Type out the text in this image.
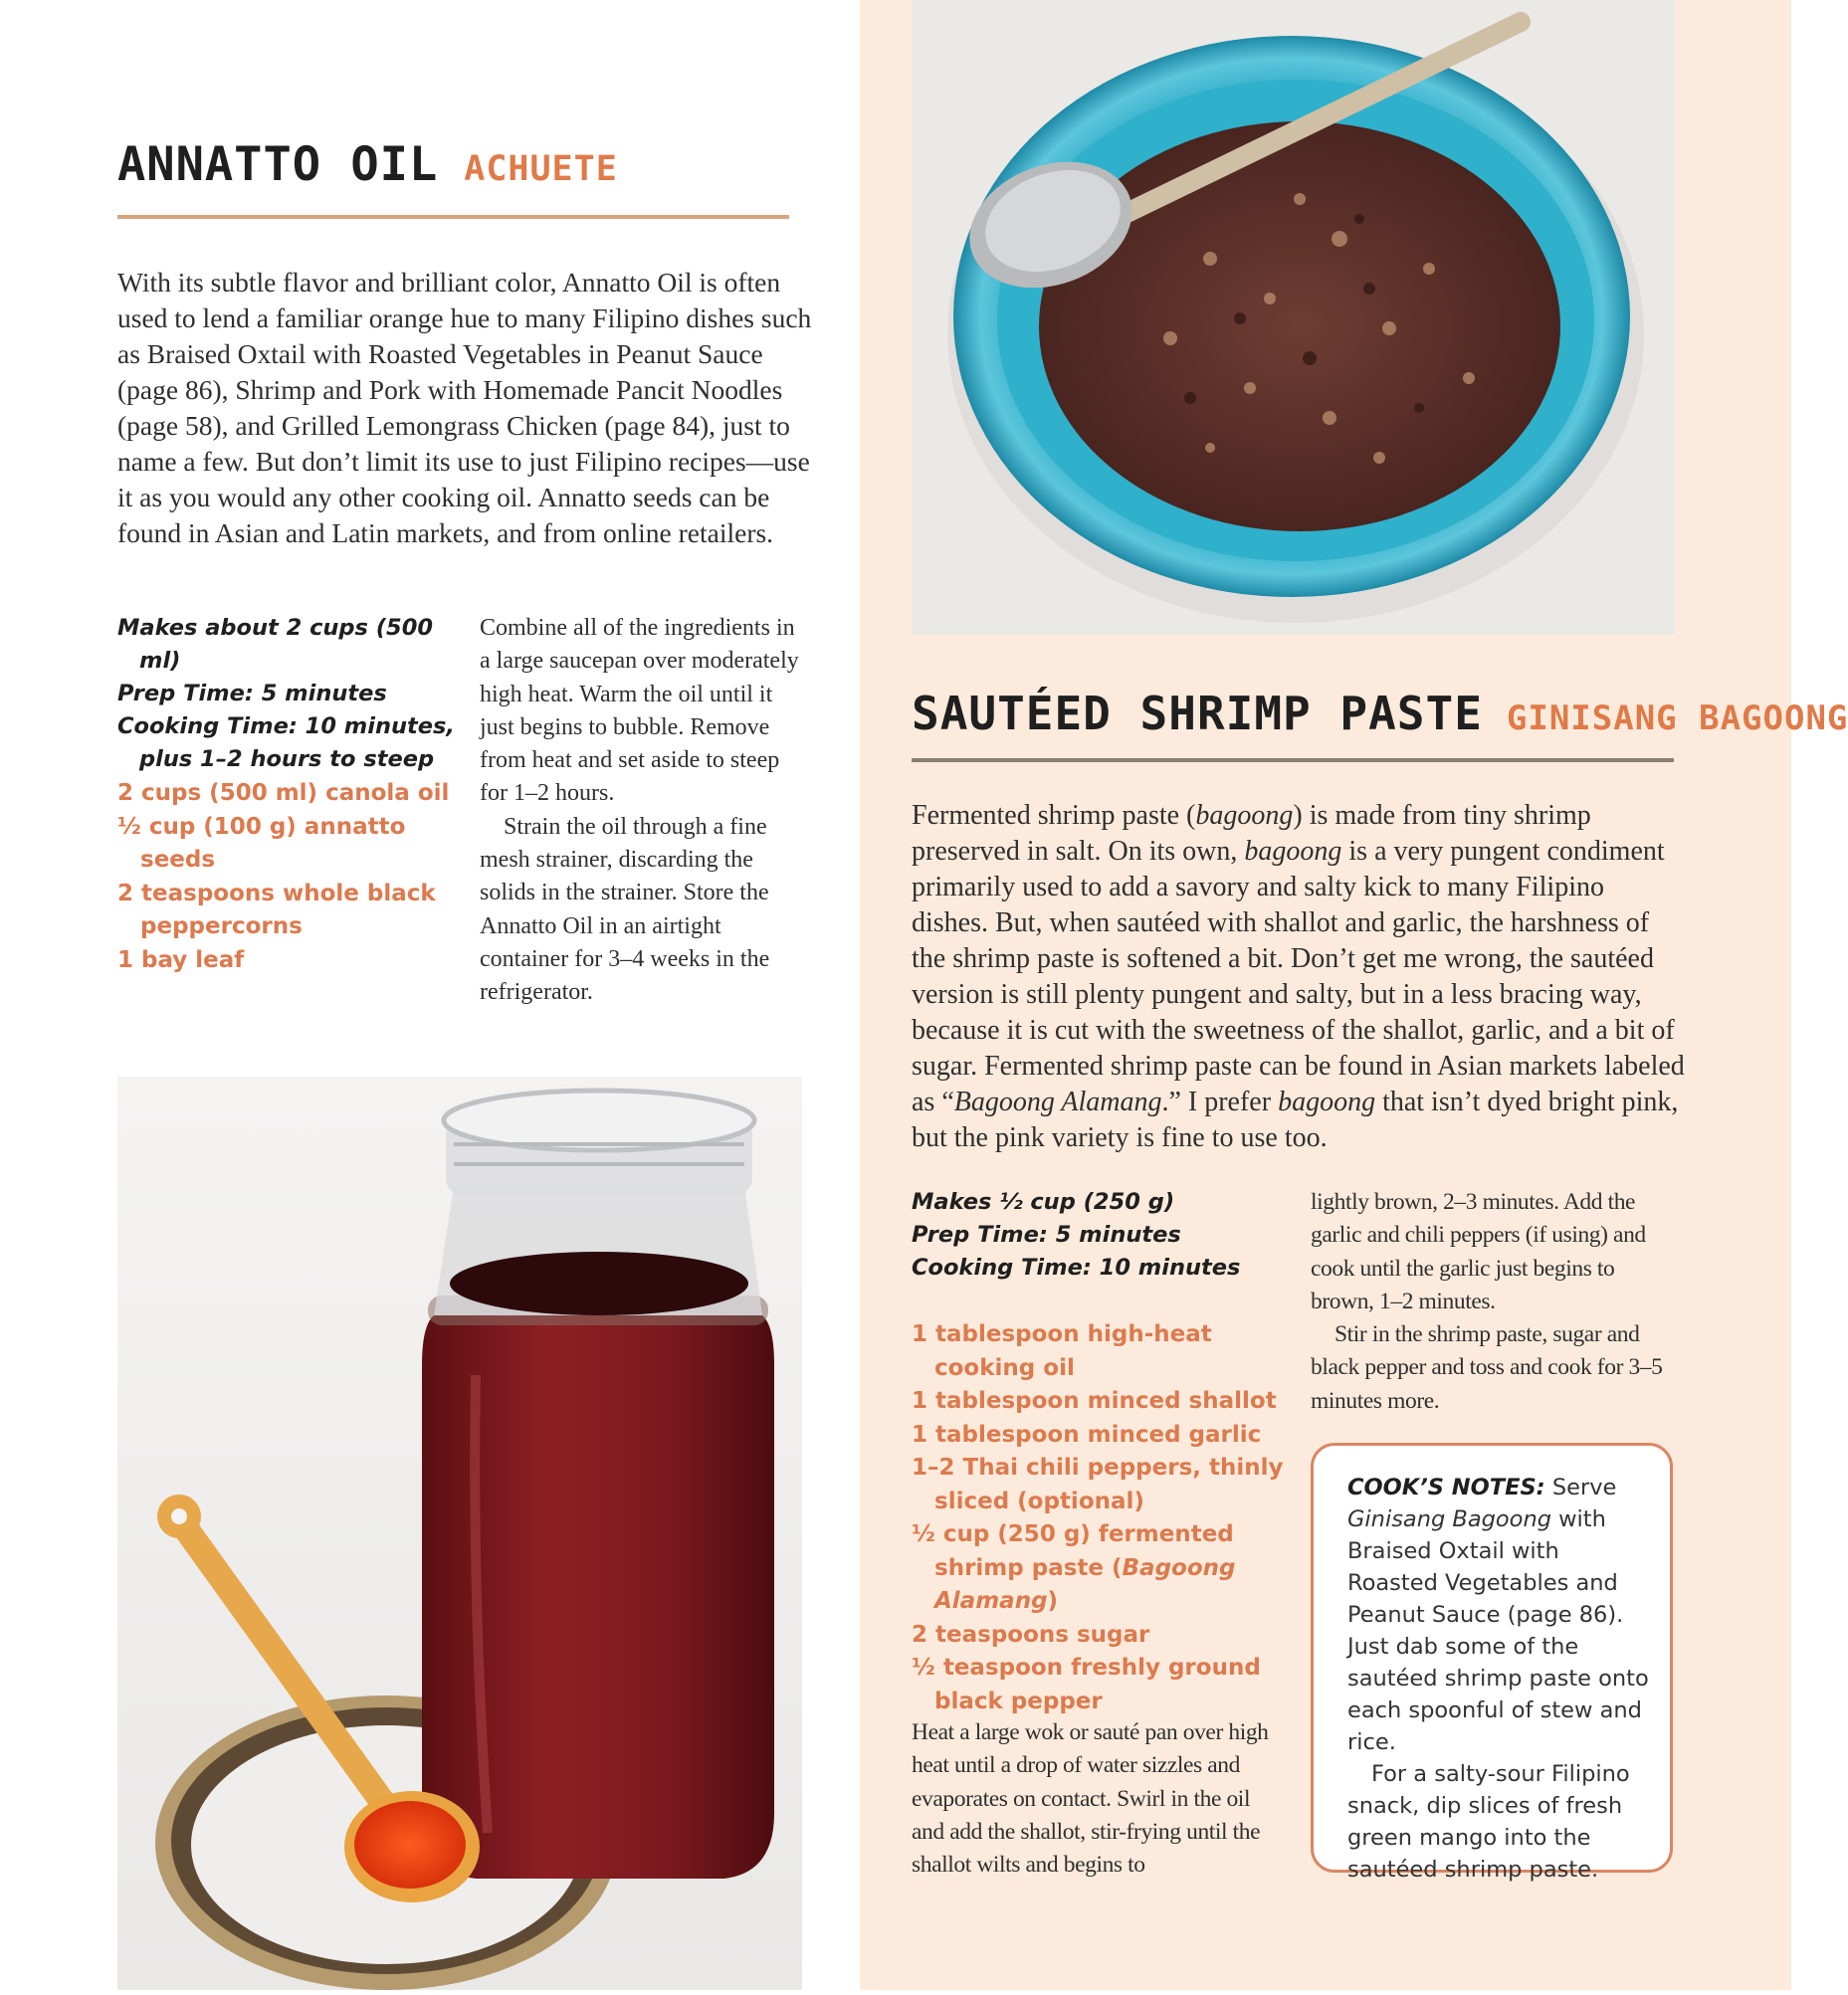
ANNATTO OIL ACHUETE

With its subtle flavor and brilliant color, Annatto Oil is often used to lend a familiar orange hue to many Filipino dishes such as Braised Oxtail with Roasted Vegetables in Peanut Sauce (page 86), Shrimp and Pork with Homemade Pancit Noodles (page 58), and Grilled Lemongrass Chicken (page 84), just to name a few. But don’t limit its use to just Filipino recipes—use it as you would any other cooking oil. Annatto seeds can be found in Asian and Latin markets, and from online retailers.

Makes about 2 cups (500 ml)
Prep Time: 5 minutes
Cooking Time: 10 minutes, plus 1–2 hours to steep
2 cups (500 ml) canola oil
½ cup (100 g) annatto seeds
2 teaspoons whole black peppercorns
1 bay leaf

Combine all of the ingredients in a large saucepan over moderately high heat. Warm the oil until it just begins to bubble. Remove from heat and set aside to steep for 1–2 hours.

Strain the oil through a fine mesh strainer, discarding the solids in the strainer. Store the Annatto Oil in an airtight container for 3–4 weeks in the refrigerator.

SAUTÉED SHRIMP PASTE GINISANG BAGOONG

Fermented shrimp paste (bagoong) is made from tiny shrimp preserved in salt. On its own, bagoong is a very pungent condiment primarily used to add a savory and salty kick to many Filipino dishes. But, when sautéed with shallot and garlic, the harshness of the shrimp paste is softened a bit. Don’t get me wrong, the sautéed version is still plenty pungent and salty, but in a less bracing way, because it is cut with the sweetness of the shallot, garlic, and a bit of sugar. Fermented shrimp paste can be found in Asian markets labeled as “Bagoong Alamang.” I prefer bagoong that isn’t dyed bright pink, but the pink variety is fine to use too.

Makes ½ cup (250 g)
Prep Time: 5 minutes
Cooking Time: 10 minutes
1 tablespoon high-heat cooking oil
1 tablespoon minced shallot
1 tablespoon minced garlic
1–2 Thai chili peppers, thinly sliced (optional)
½ cup (250 g) fermented shrimp paste (Bagoong Alamang)
2 teaspoons sugar
½ teaspoon freshly ground black pepper

Heat a large wok or sauté pan over high heat until a drop of water sizzles and evaporates on contact. Swirl in the oil and add the shallot, stir-frying until the shallot wilts and begins to

lightly brown, 2–3 minutes. Add the garlic and chili peppers (if using) and cook until the garlic just begins to brown, 1–2 minutes.

Stir in the shrimp paste, sugar and black pepper and toss and cook for 3–5 minutes more.

COOK’S NOTES: Serve Ginisang Bagoong with Braised Oxtail with Roasted Vegetables and Peanut Sauce (page 86). Just dab some of the sautéed shrimp paste onto each spoonful of stew and rice.

For a salty-sour Filipino snack, dip slices of fresh green mango into the sautéed shrimp paste.
